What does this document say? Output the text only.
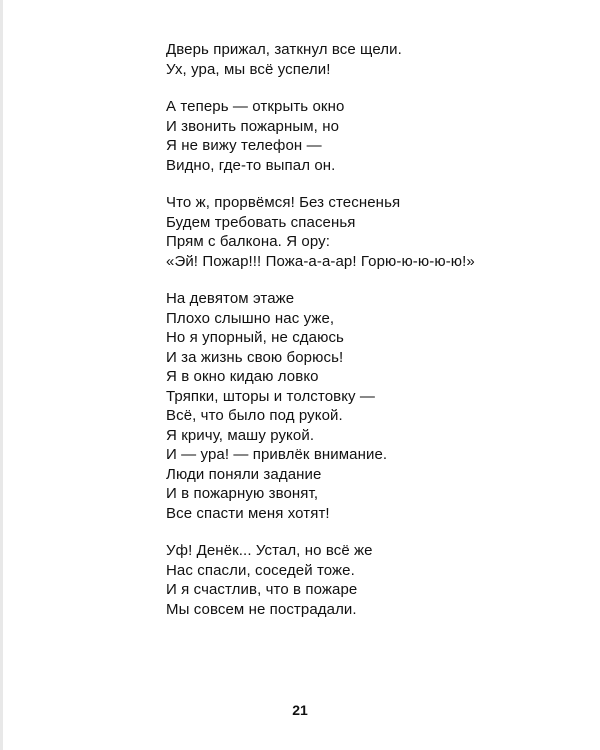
Дверь прижал, заткнул все щели.
Ух, ура, мы всё успели!
А теперь — открыть окно
И звонить пожарным, но
Я не вижу телефон —
Видно, где-то выпал он.
Что ж, прорвёмся! Без стесненья
Будем требовать спасенья
Прям с балкона. Я ору:
«Эй! Пожар!!! Пожа-а-а-ар! Горю-ю-ю-ю-ю!»
На девятом этаже
Плохо слышно нас уже,
Но я упорный, не сдаюсь
И за жизнь свою борюсь!
Я в окно кидаю ловко
Тряпки, шторы и толстовку —
Всё, что было под рукой.
Я кричу, машу рукой.
И — ура! — привлёк внимание.
Люди поняли задание
И в пожарную звонят,
Все спасти меня хотят!
Уф! Денёк... Устал, но всё же
Нас спасли, соседей тоже.
И я счастлив, что в пожаре
Мы совсем не пострадали.
21
